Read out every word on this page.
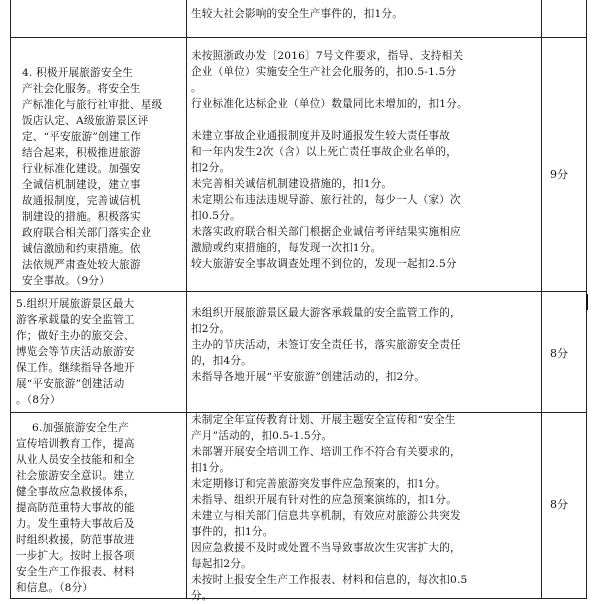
生较大社会影响的安全生产事件的，扣1分。
4. 积极开展旅游安全生
产社会化服务。将安全生
产标准化与旅行社审批、星级
饭店认定、A级旅游景区评
定、“平安旅游”创建工作
结合起来，积极推进旅游
行业标准化建设。加强安
全诚信机制建设，建立事
故通报制度，完善诚信机
制建设的措施。积极落实
政府联合相关部门落实企业
诚信激励和约束措施。依
法依规严肃查处较大旅游
安全事故。（9分）
未按照浙政办发〔2016〕7号文件要求，指导、支持相关
企业（单位）实施安全生产社会化服务的，扣0.5-1.5分
。
行业标准化达标企业（单位）数量同比未增加的，扣1分。
未建立事故企业通报制度并及时通报发生较大责任事故
和一年内发生2次（含）以上死亡责任事故企业名单的，
扣2分。
未完善相关诚信机制建设措施的，扣1分。
未定期公布违法违规导游、旅行社的，每少一人（家）次
扣0.5分。
未落实政府联合相关部门根据企业诚信考评结果实施相应
激励或约束措施的，每发现一次扣1分。
较大旅游安全事故调查处理不到位的，发现一起扣2.5分
9分
5.组织开展旅游景区最大
游客承载量的安全监管工
作；做好主办的旅交会、
博览会等节庆活动旅游安
保工作。继续指导各地开
展“平安旅游”创建活动
。（8分）
未组织开展旅游景区最大游客承载量的安全监管工作的，
扣2分。
主办的节庆活动，未签订安全责任书，落实旅游安全责任
的，扣4分。
未指导各地开展“平安旅游”创建活动的，扣2分。
8分
6.加强旅游安全生产
宣传培训教育工作，提高
从业人员安全技能和和全
社会旅游安全意识。建立
健全事故应急救援体系，
提高防范重特大事故的能
力。发生重特大事故后及
时组织救援，防范事故进
一步扩大。按时上报各项
安全生产工作报表、材料
和信息。（8分）
未制定全年宣传教育计划、开展主题安全宣传和“安全生
产月”活动的，扣0.5-1.5分。
未部署开展安全培训工作、培训工作不符合有关要求的，
扣1分。
未定期修订和完善旅游突发事件应急预案的，扣1分。
未指导、组织开展有针对性的应急预案演练的，扣1分。
未建立与相关部门信息共享机制，有效应对旅游公共突发
事件的，扣1分。
因应急救援不及时或处置不当导致事故次生灾害扩大的，
每起扣2分。
未按时上报安全生产工作报表、材料和信息的，每次扣0.5
分。
8分
